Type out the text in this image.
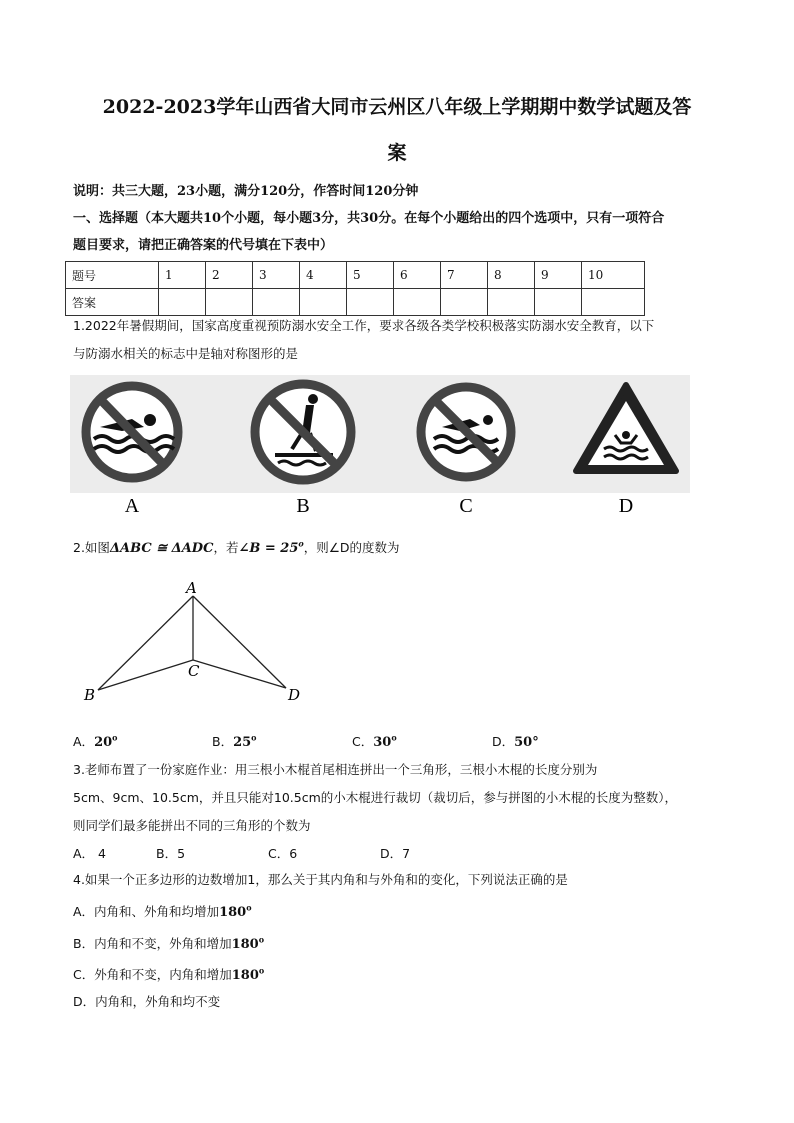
2022-2023学年山西省大同市云州区八年级上学期期中数学试题及答
案
说明：共三大题，23小题，满分120分，作答时间120分钟
一、选择题（本大题共10个小题，每小题3分，共30分。在每个小题给出的四个选项中，只有一项符合
题目要求，请把正确答案的代号填在下表中）
题号	1	2	3	4	5	6	7	8	9	10
答案										
1.2022年暑假期间，国家高度重视预防溺水安全工作，要求各级各类学校积极落实防溺水安全教育，以下
与防溺水相关的标志中是轴对称图形的是
A	B	C	D
2.如图ΔABC ≅ ΔADC，若∠B = $25^o$，则∠D的度数为
A
B
C
D
A．20$^o$	B．25$^o$	C．30$^o$	D．50°
3.老师布置了一份家庭作业：用三根小木棍首尾相连拼出一个三角形，三根小木棍的长度分别为
5cm、9cm、10.5cm，并且只能对10.5cm的小木棍进行裁切（裁切后，参与拼图的小木棍的长度为整数），
则同学们最多能拼出不同的三角形的个数为
A． 4	B．5	C．6	D．7
4.如果一个正多边形的边数增加1，那么关于其内角和与外角和的变化，下列说法正确的是
A．内角和、外角和均增加180$^o$
B．内角和不变，外角和增加180$^o$
C．外角和不变，内角和增加180$^o$
D．内角和，外角和均不变
